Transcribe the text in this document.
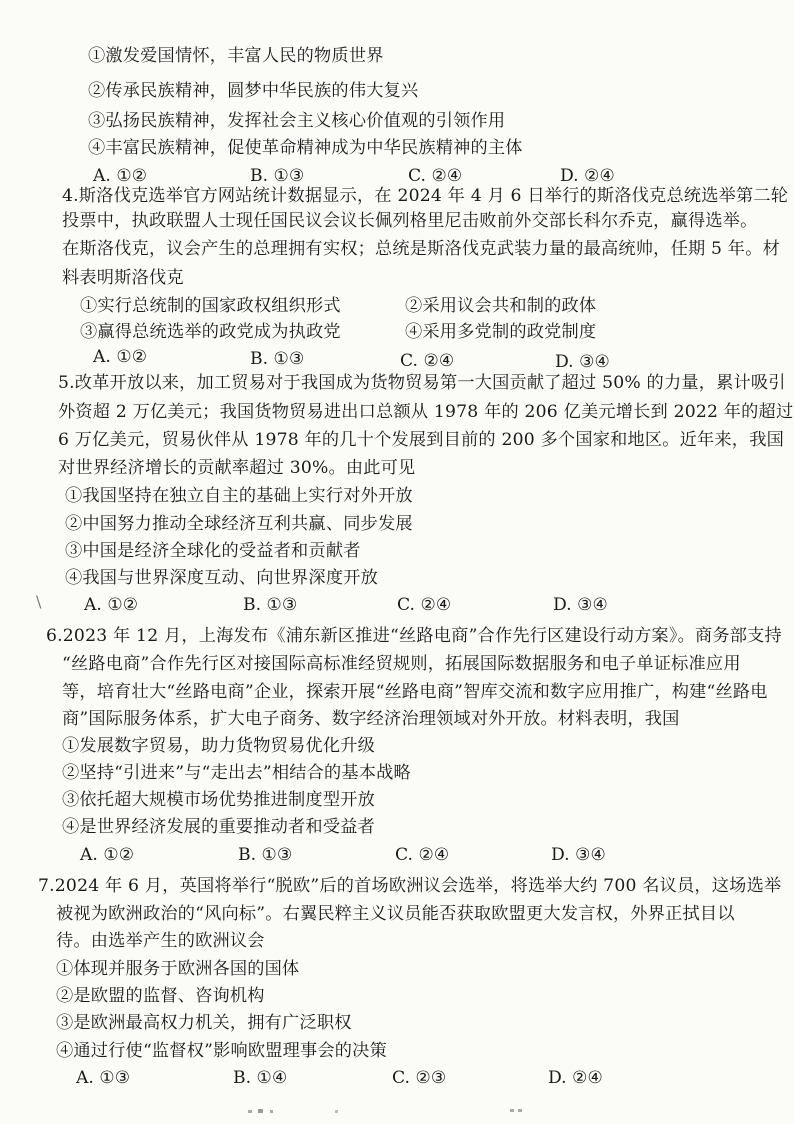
①激发爱国情怀，丰富人民的物质世界
②传承民族精神，圆梦中华民族的伟大复兴
③弘扬民族精神，发挥社会主义核心价值观的引领作用
④丰富民族精神，促使革命精神成为中华民族精神的主体
A. ①②	B. ①③	C. ②④	D. ②④
4.斯洛伐克选举官方网站统计数据显示，在 2024 年 4 月 6 日举行的斯洛伐克总统选举第二轮
投票中，执政联盟人士现任国民议会议长佩列格里尼击败前外交部长科尔乔克，赢得选举。
在斯洛伐克，议会产生的总理拥有实权；总统是斯洛伐克武装力量的最高统帅，任期 5 年。材
料表明斯洛伐克
①实行总统制的国家政权组织形式	②采用议会共和制的政体
③赢得总统选举的政党成为执政党	④采用多党制的政党制度
A. ①②	B. ①③	C. ②④	D. ③④
5.改革开放以来，加工贸易对于我国成为货物贸易第一大国贡献了超过 50% 的力量，累计吸引
外资超 2 万亿美元；我国货物贸易进出口总额从 1978 年的 206 亿美元增长到 2022 年的超过
6 万亿美元，贸易伙伴从 1978 年的几十个发展到目前的 200 多个国家和地区。近年来，我国
对世界经济增长的贡献率超过 30%。由此可见
①我国坚持在独立自主的基础上实行对外开放
②中国努力推动全球经济互利共赢、同步发展
③中国是经济全球化的受益者和贡献者
④我国与世界深度互动、向世界深度开放
\ A. ①②	B. ①③	C. ②④	D. ③④
6.2023 年 12 月，上海发布《浦东新区推进“丝路电商”合作先行区建设行动方案》。商务部支持
“丝路电商”合作先行区对接国际高标准经贸规则，拓展国际数据服务和电子单证标准应用
等，培育壮大“丝路电商”企业，探索开展“丝路电商”智库交流和数字应用推广，构建“丝路电
商”国际服务体系，扩大电子商务、数字经济治理领域对外开放。材料表明，我国
①发展数字贸易，助力货物贸易优化升级
②坚持“引进来”与“走出去”相结合的基本战略
③依托超大规模市场优势推进制度型开放
④是世界经济发展的重要推动者和受益者
A. ①②	B. ①③	C. ②④	D. ③④
7.2024 年 6 月，英国将举行“脱欧”后的首场欧洲议会选举，将选举大约 700 名议员，这场选举
被视为欧洲政治的“风向标”。右翼民粹主义议员能否获取欧盟更大发言权，外界正拭目以
待。由选举产生的欧洲议会
①体现并服务于欧洲各国的国体
②是欧盟的监督、咨询机构
③是欧洲最高权力机关，拥有广泛职权
④通过行使“监督权”影响欧盟理事会的决策
A. ①③	B. ①④	C. ②③	D. ②④
